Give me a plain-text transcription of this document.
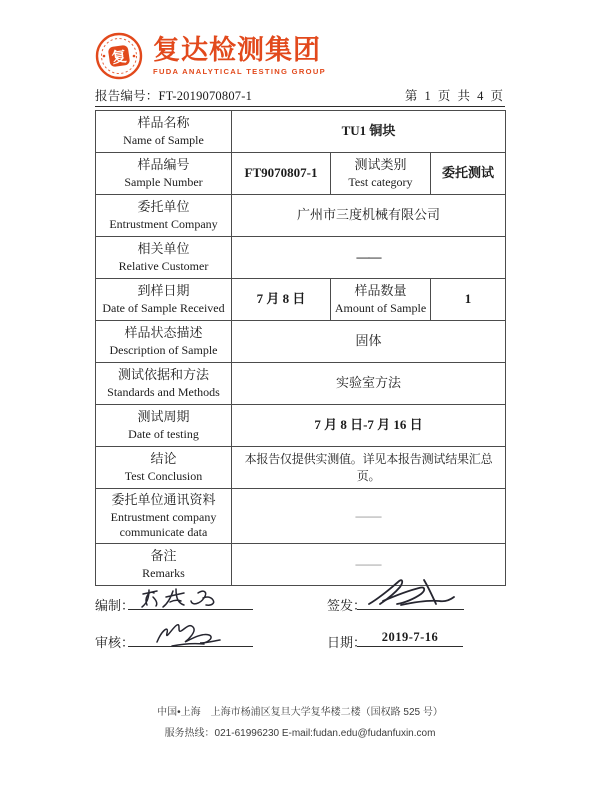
复 复达检测集团
FUDA ANALYTICAL TESTING GROUP
报告编号：FT-2019070807-1	第 1 页 共 4 页
样品名称
Name of Sample	TU1 铜块		

样品编号
Sample Number	FT9070807-1	测试类别
Test category	委托测试

委托单位
Entrustment Company	广州市三度机械有限公司		

相关单位
Relative Customer	——		

到样日期
Date of Sample Received	7 月 8 日	样品数量
Amount of Sample	1

样品状态描述
Description of Sample	固体		

测试依据和方法
Standards and Methods	实验室方法		

测试周期
Date of testing	7 月 8 日-7 月 16 日		

结论
Test Conclusion	本报告仅提供实测值。详见本报告测试结果汇总页。		

委托单位通讯资料
Entrustment company communicate data	——		

备注
Remarks	——		
编制：	签发：
审核：	日期：	2019-7-16
中国•上海　上海市杨浦区复旦大学复华楼二楼（国权路 525 号）
服务热线：021-61996230 E-mail:fudan.edu@fudanfuxin.com
